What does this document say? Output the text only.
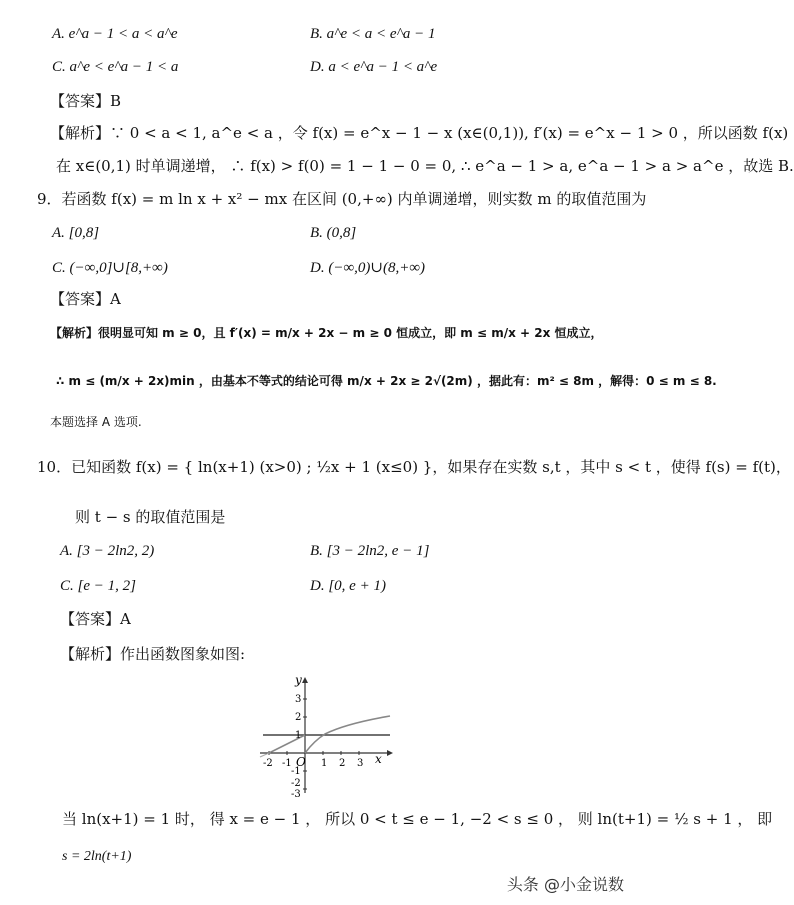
A. e^a − 1 < a < a^e	B. a^e < a < e^a − 1
C. a^e < e^a − 1 < a	D. a < e^a − 1 < a^e
【答案】B
【解析】∵ 0 < a < 1, a^e < a ，令 f(x) = e^x − 1 − x (x∈(0,1)), f′(x) = e^x − 1 > 0 ，所以函数 f(x)
在 x∈(0,1) 时单调递增， ∴ f(x) > f(0) = 1 − 1 − 0 = 0, ∴ e^a − 1 > a, e^a − 1 > a > a^e ，故选 B.
9．若函数 f(x) = m ln x + x² − mx 在区间 (0,+∞) 内单调递增，则实数 m 的取值范围为
A. [0,8]	B. (0,8]
C. (−∞,0]∪[8,+∞)	D. (−∞,0)∪(8,+∞)
【答案】A
【解析】很明显可知 m ≥ 0，且 f′(x) = m/x + 2x − m ≥ 0 恒成立，即 m ≤ m/x + 2x 恒成立，
∴ m ≤ (m/x + 2x)min ，由基本不等式的结论可得 m/x + 2x ≥ 2√(2m) ，据此有：m² ≤ 8m ，解得：0 ≤ m ≤ 8.
本题选择 A 选项.
10．已知函数 f(x) = { ln(x+1) (x>0) ; ½x + 1 (x≤0) }，如果存在实数 s,t ，其中 s < t ，使得 f(s) = f(t)，
则 t − s 的取值范围是
A. [3 − 2ln2, 2)	B. [3 − 2ln2, e − 1]
C. [e − 1, 2]	D. [0, e + 1)
【答案】A
【解析】作出函数图象如图:
-2 -1 O 1 2 3 x
3
2
1
-1
-2
-3
y
当 ln(x+1) = 1 时， 得 x = e − 1 ， 所以 0 < t ≤ e − 1, −2 < s ≤ 0 ， 则 ln(t+1) = ½ s + 1 ， 即
s = 2ln(t+1)
头条 @小金说数
